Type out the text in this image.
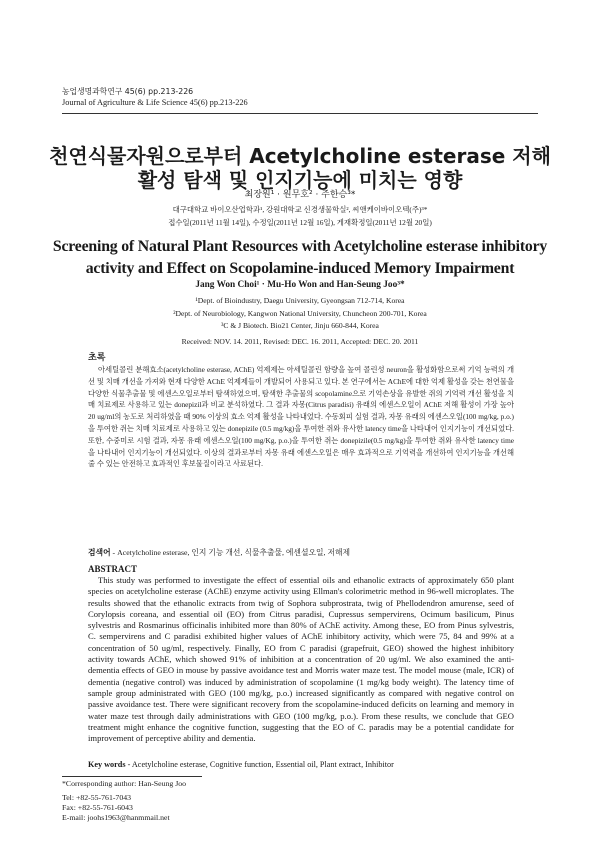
농업생명과학연구 45(6) pp.213-226
Journal of Agriculture & Life Science 45(6) pp.213-226
천연식물자원으로부터 Acetylcholine esterase 저해
활성 탐색 및 인지기능에 미치는 영향
최장원¹ · 원무호² · 주한승³*
대구대학교 바이오산업학과¹, 강원대학교 신경생물학실², 씨앤케이바이오텍(주)³*
접수일(2011년 11월 14일), 수정일(2011년 12월 16일), 게재확정일(2011년 12월 20일)
Screening of Natural Plant Resources with Acetylcholine esterase inhibitory
activity and Effect on Scopolamine-induced Memory Impairment
Jang Won Choi¹ · Mu-Ho Won and Han-Seung Joo³*
¹Dept. of Bioindustry, Daegu University, Gyeongsan 712-714, Korea
²Dept. of Neurobiology, Kangwon National University, Chuncheon 200-701, Korea
³C & J Biotech. Bio21 Center, Jinju 660-844, Korea
Received: NOV. 14. 2011, Revised: DEC. 16. 2011, Accepted: DEC. 20. 2011
초록
아세틸콜린 분해효소(acetylcholine esterase, AChE) 억제제는 아세틸콜린 함량을 높여 콜린성 neuron을 활성화함으로써 기억 능력의 개선 및 치매 개선을 가져와 현재 다양한 AChE 억제제들이 개발되어 사용되고 있다. 본 연구에서는 AChE에 대한 억제 활성을 갖는 천연물을 다양한 식물추출물 및 에센스오일로부터 탐색하였으며, 탐색한 추출물의 scopolamine으로 기억손상을 유발한 쥐의 기억력 개선 활성을 치매 치료제로 사용하고 있는 donepizil과 비교 분석하였다. 그 결과 자몽(Citrus paradisi) 유래의 에센스오일이 AChE 저해 활성이 가장 높아 20 ug/ml의 농도로 처리하였을 때 90% 이상의 효소 억제 활성을 나타내었다. 수동회피 실험 결과, 자몽 유래의 에센스오일(100 mg/kg, p.o.)을 투여한 쥐는 치매 치료제로 사용하고 있는 donepizile (0.5 mg/kg)을 투여한 쥐와 유사한 latency time을 나타내어 인지기능이 개선되었다. 또한, 수중미로 시험 결과, 자몽 유래 에센스오일(100 mg/Kg, p.o.)을 투여한 쥐는 donepizile(0.5 mg/kg)을 투여한 쥐와 유사한 latency time을 나타내어 인지기능이 개선되었다. 이상의 결과로부터 자몽 유래 에센스오일은 매우 효과적으로 기억력을 개선하여 인지기능을 개선해 줄 수 있는 안전하고 효과적인 후보물질이라고 사료된다.
검색어 - Acetylcholine esterase, 인지 기능 개선, 식물추출물, 에센셜오일, 저해제
ABSTRACT
This study was performed to investigate the effect of essential oils and ethanolic extracts of approximately 650 plant species on acetylcholine esterase (AChE) enzyme activity using Ellman's colorimetric method in 96-well microplates. The results showed that the ethanolic extracts from twig of Sophora subprostrata, twig of Phellodendron amurense, seed of Corylopsis coreana, and essential oil (EO) from Citrus paradisi, Cupressus sempervirens, Ocimum basilicum, Pinus sylvestris and Rosmarinus officinalis inhibited more than 80% of AChE activity. Among these, EO from Pinus sylvestris, C. sempervirens and C paradisi exhibited higher values of AChE inhibitory activity, which were 75, 84 and 99% at a concentration of 50 ug/ml, respectively. Finally, EO from C paradisi (grapefruit, GEO) showed the highest inhibitory activity towards AChE, which showed 91% of inhibition at a concentration of 20 ug/ml. We also examined the anti-dementia effects of GEO in mouse by passive avoidance test and Morris water maze test. The model mouse (male, ICR) of dementia (negative control) was induced by administration of scopolamine (1 mg/kg body weight). The latency time of sample group administrated with GEO (100 mg/kg, p.o.) increased significantly as compared with negative control on passive avoidance test. There were significant recovery from the scopolamine-induced deficits on learning and memory in water maze test through daily administrations with GEO (100 mg/kg, p.o.). From these results, we conclude that GEO treatment might enhance the cognitive function, suggesting that the EO of C. paradis may be a potential candidate for improvement of perceptive ability and dementia.
Key words - Acetylcholine esterase, Cognitive function, Essential oil, Plant extract, Inhibitor
*Corresponding author: Han-Seung Joo
Tel: +82-55-761-7043
Fax: +82-55-761-6043
E-mail: joohs1963@hanmmail.net
